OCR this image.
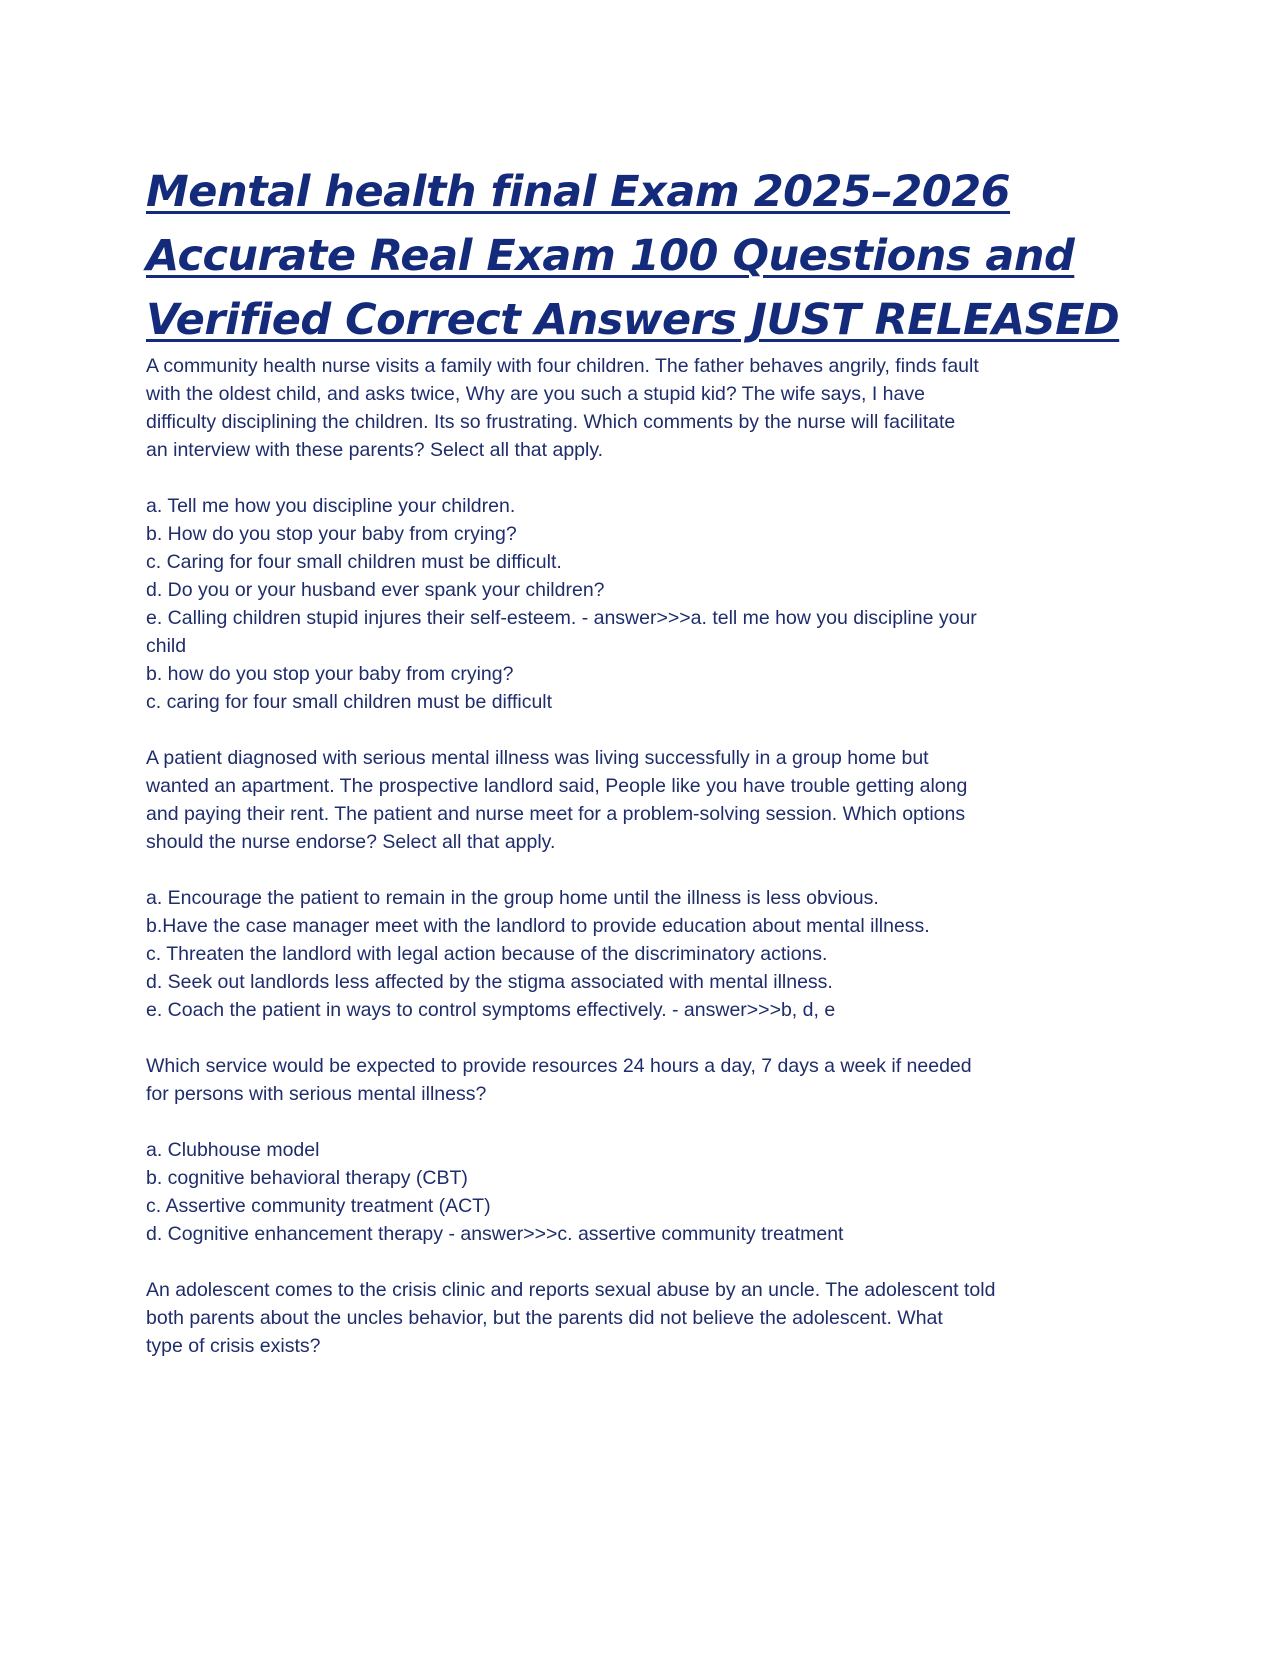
Mental health final Exam 2025–2026
Accurate Real Exam 100 Questions and
Verified Correct Answers JUST RELEASED
A community health nurse visits a family with four children. The father behaves angrily, finds fault
with the oldest child, and asks twice, Why are you such a stupid kid? The wife says, I have
difficulty disciplining the children. Its so frustrating. Which comments by the nurse will facilitate
an interview with these parents? Select all that apply.
a. Tell me how you discipline your children.
b. How do you stop your baby from crying?
c. Caring for four small children must be difficult.
d. Do you or your husband ever spank your children?
e. Calling children stupid injures their self-esteem. - answer>>>a. tell me how you discipline your
child
b. how do you stop your baby from crying?
c. caring for four small children must be difficult
A patient diagnosed with serious mental illness was living successfully in a group home but
wanted an apartment. The prospective landlord said, People like you have trouble getting along
and paying their rent. The patient and nurse meet for a problem-solving session. Which options
should the nurse endorse? Select all that apply.
a. Encourage the patient to remain in the group home until the illness is less obvious.
b.Have the case manager meet with the landlord to provide education about mental illness.
c. Threaten the landlord with legal action because of the discriminatory actions.
d. Seek out landlords less affected by the stigma associated with mental illness.
e. Coach the patient in ways to control symptoms effectively. - answer>>>b, d, e
Which service would be expected to provide resources 24 hours a day, 7 days a week if needed
for persons with serious mental illness?
a. Clubhouse model
b. cognitive behavioral therapy (CBT)
c. Assertive community treatment (ACT)
d. Cognitive enhancement therapy - answer>>>c. assertive community treatment
An adolescent comes to the crisis clinic and reports sexual abuse by an uncle. The adolescent told
both parents about the uncles behavior, but the parents did not believe the adolescent. What
type of crisis exists?
